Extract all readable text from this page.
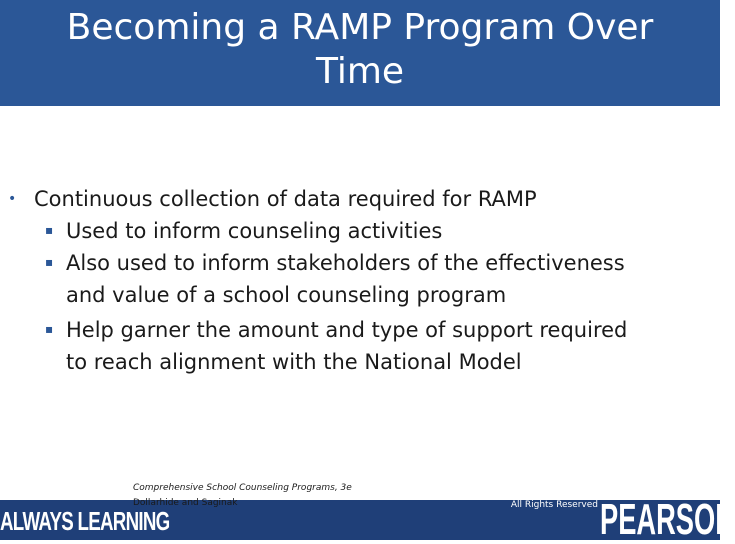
Becoming a RAMP Program Over
Time
• Continuous collection of data required for RAMP
▪ Used to inform counseling activities
▪ Also used to inform stakeholders of the effectiveness
and value of a school counseling program
▪ Help garner the amount and type of support required
to reach alignment with the National Model
ALWAYS LEARNING
Comprehensive School Counseling Programs, 3e
Dollarhide and Saginak
Copyright © 2017, 2012, 2008 by Pearson
Education, Inc.
All Rights Reserved PEARSON
